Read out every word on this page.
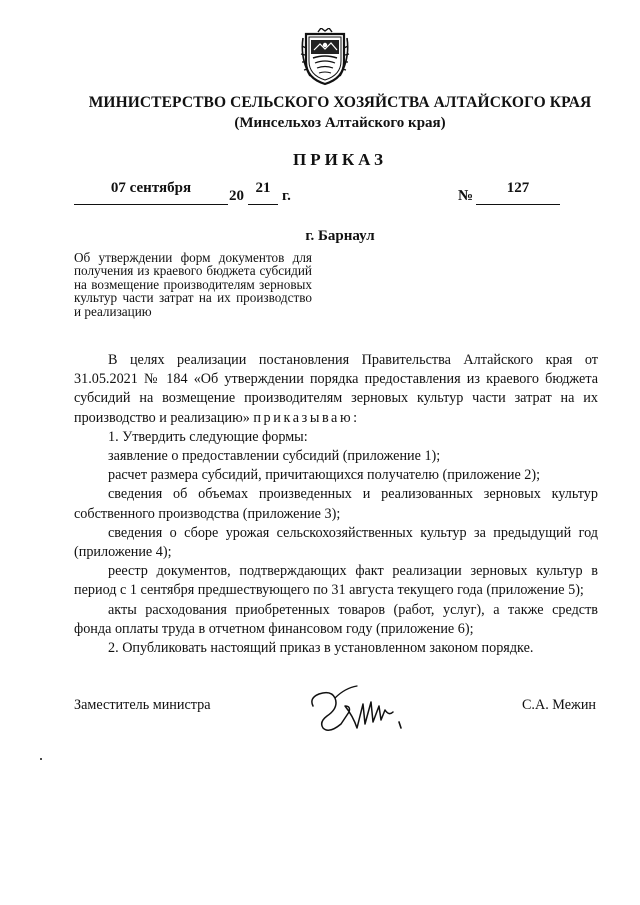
МИНИСТЕРСТВО СЕЛЬСКОГО ХОЗЯЙСТВА АЛТАЙСКОГО КРАЯ
(Минсельхоз Алтайского края)
ПРИКАЗ
07 сентября	20 21 г.	№	127
г. Барнаул
Об утверждении форм документов для получения из краевого бюджета субсидий на возмещение производителям зерновых культур части затрат на их производство и реализацию

В целях реализации постановления Правительства Алтайского края от 31.05.2021 № 184 «Об утверждении порядка предоставления из краевого бюджета субсидий на возмещение производителям зерновых культур части затрат на их производство и реализацию» приказываю:

1. Утвердить следующие формы:

заявление о предоставлении субсидий (приложение 1);

расчет размера субсидий, причитающихся получателю (приложение 2);

сведения об объемах произведенных и реализованных зерновых культур собственного производства (приложение 3);

сведения о сборе урожая сельскохозяйственных культур за предыдущий год (приложение 4);

реестр документов, подтверждающих факт реализации зерновых культур в период с 1 сентября предшествующего по 31 августа текущего года (приложение 5);

акты расходования приобретенных товаров (работ, услуг), а также средств фонда оплаты труда в отчетном финансовом году (приложение 6);

2. Опубликовать настоящий приказ в установленном законом порядке.

Заместитель министра	С.А. Межин
